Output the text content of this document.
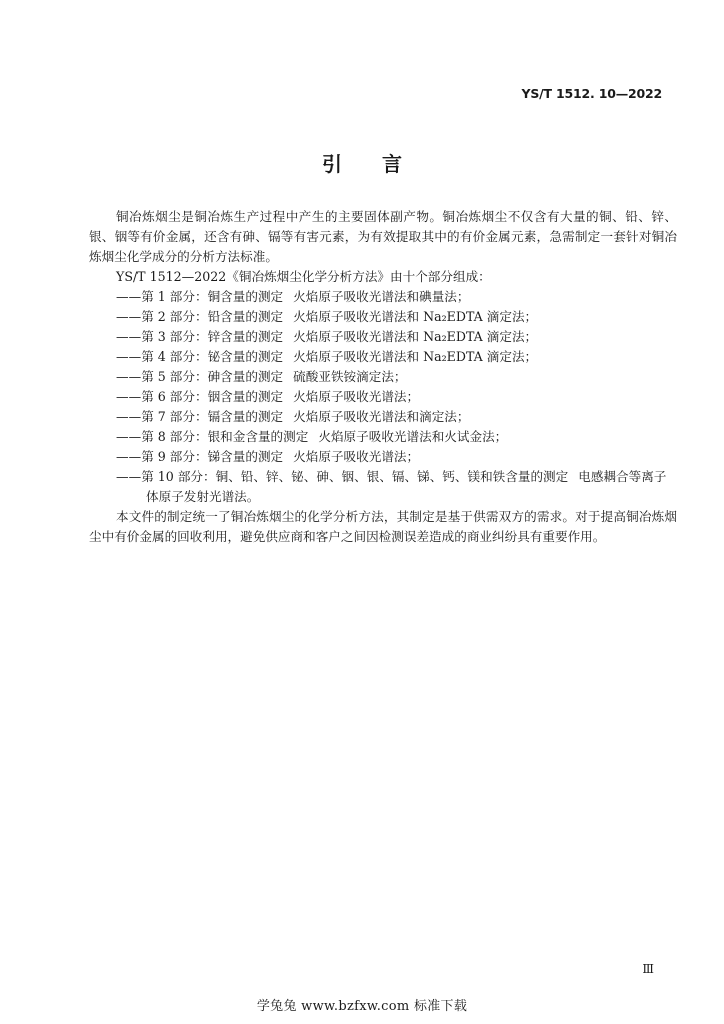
YS/T 1512. 10—2022
引言

铜冶炼烟尘是铜冶炼生产过程中产生的主要固体副产物。铜冶炼烟尘不仅含有大量的铜、铅、锌、银、铟等有价金属，还含有砷、镉等有害元素，为有效提取其中的有价金属元素，急需制定一套针对铜冶炼烟尘化学成分的分析方法标准。

YS/T 1512—2022《铜冶炼烟尘化学分析方法》由十个部分组成：

——第 1 部分：铜含量的测定 火焰原子吸收光谱法和碘量法；
——第 2 部分：铅含量的测定 火焰原子吸收光谱法和 Na₂EDTA 滴定法；
——第 3 部分：锌含量的测定 火焰原子吸收光谱法和 Na₂EDTA 滴定法；
——第 4 部分：铋含量的测定 火焰原子吸收光谱法和 Na₂EDTA 滴定法；
——第 5 部分：砷含量的测定 硫酸亚铁铵滴定法；
——第 6 部分：铟含量的测定 火焰原子吸收光谱法；
——第 7 部分：镉含量的测定 火焰原子吸收光谱法和滴定法；
——第 8 部分：银和金含量的测定 火焰原子吸收光谱法和火试金法；
——第 9 部分：锑含量的测定 火焰原子吸收光谱法；
——第 10 部分：铜、铅、锌、铋、砷、铟、银、镉、锑、钙、镁和铁含量的测定 电感耦合等离子体原子发射光谱法。

本文件的制定统一了铜冶炼烟尘的化学分析方法，其制定是基于供需双方的需求。对于提高铜冶炼烟尘中有价金属的回收利用，避免供应商和客户之间因检测误差造成的商业纠纷具有重要作用。

Ⅲ
学兔兔 www.bzfxw.com 标准下载
